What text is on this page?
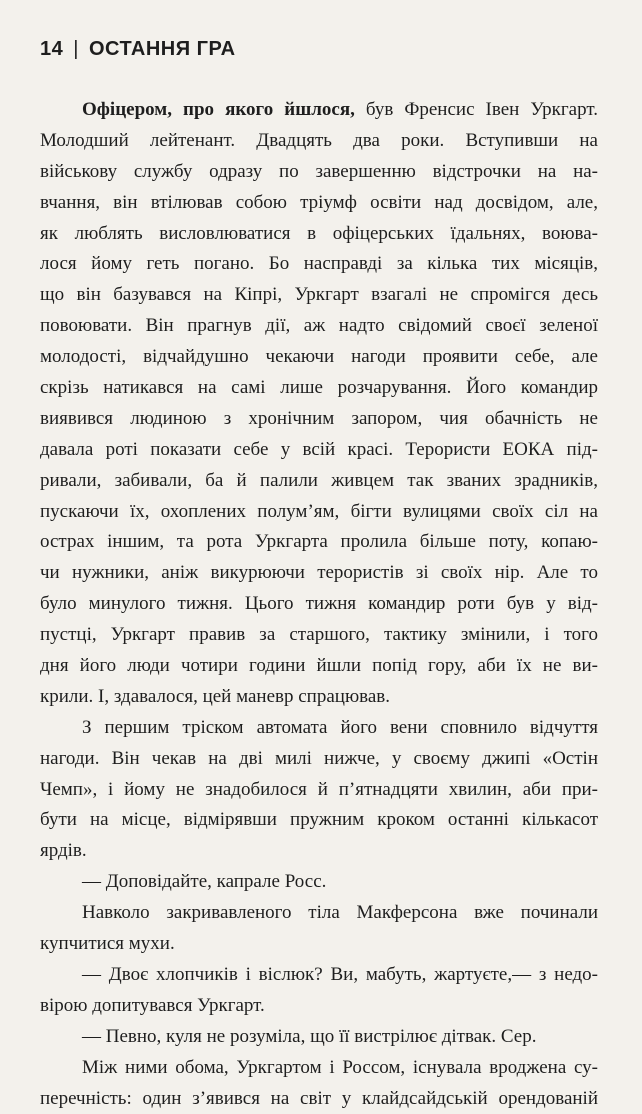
14 | ОСТАННЯ ГРА
Офіцером, про якого йшлося, був Френсис Івен Уркгарт.
Молодший лейтенант. Двадцять два роки. Вступивши на
військову службу одразу по завершенню відстрочки на на-
вчання, він втілював собою тріумф освіти над досвідом, але,
як люблять висловлюватися в офіцерських їдальнях, воюва-
лося йому геть погано. Бо насправді за кілька тих місяців,
що він базувався на Кіпрі, Уркгарт взагалі не спромігся десь
повоювати. Він прагнув дії, аж надто свідомий своєї зеленої
молодості, відчайдушно чекаючи нагоди проявити себе, але
скрізь натикався на самі лише розчарування. Його командир
виявився людиною з хронічним запором, чия обачність не
давала роті показати себе у всій красі. Терористи ЕОКА під-
ривали, забивали, ба й палили живцем так званих зрадників,
пускаючи їх, охоплених полум’ям, бігти вулицями своїх сіл на
острах іншим, та рота Уркгарта пролила більше поту, копаю-
чи нужники, аніж викурюючи терористів зі своїх нір. Але то
було минулого тижня. Цього тижня командир роти був у від-
пустці, Уркгарт правив за старшого, тактику змінили, і того
дня його люди чотири години йшли попід гору, аби їх не ви-
крили. І, здавалося, цей маневр спрацював.
З першим тріском автомата його вени сповнило відчуття
нагоди. Він чекав на дві милі нижче, у своєму джипі «Остін
Чемп», і йому не знадобилося й п’ятнадцяти хвилин, аби при-
бути на місце, відмірявши пружним кроком останні кількасот
ярдів.
— Доповідайте, капрале Росс.
Навколо закривавленого тіла Макферсона вже починали
купчитися мухи.
— Двоє хлопчиків і віслюк? Ви, мабуть, жартуєте,— з недо-
вірою допитувався Уркгарт.
— Певно, куля не розуміла, що її вистрілює дітвак. Сер.
Між ними обома, Уркгартом і Россом, існувала вроджена су-
перечність: один з’явився на світ у клайдсайдській орендованій
